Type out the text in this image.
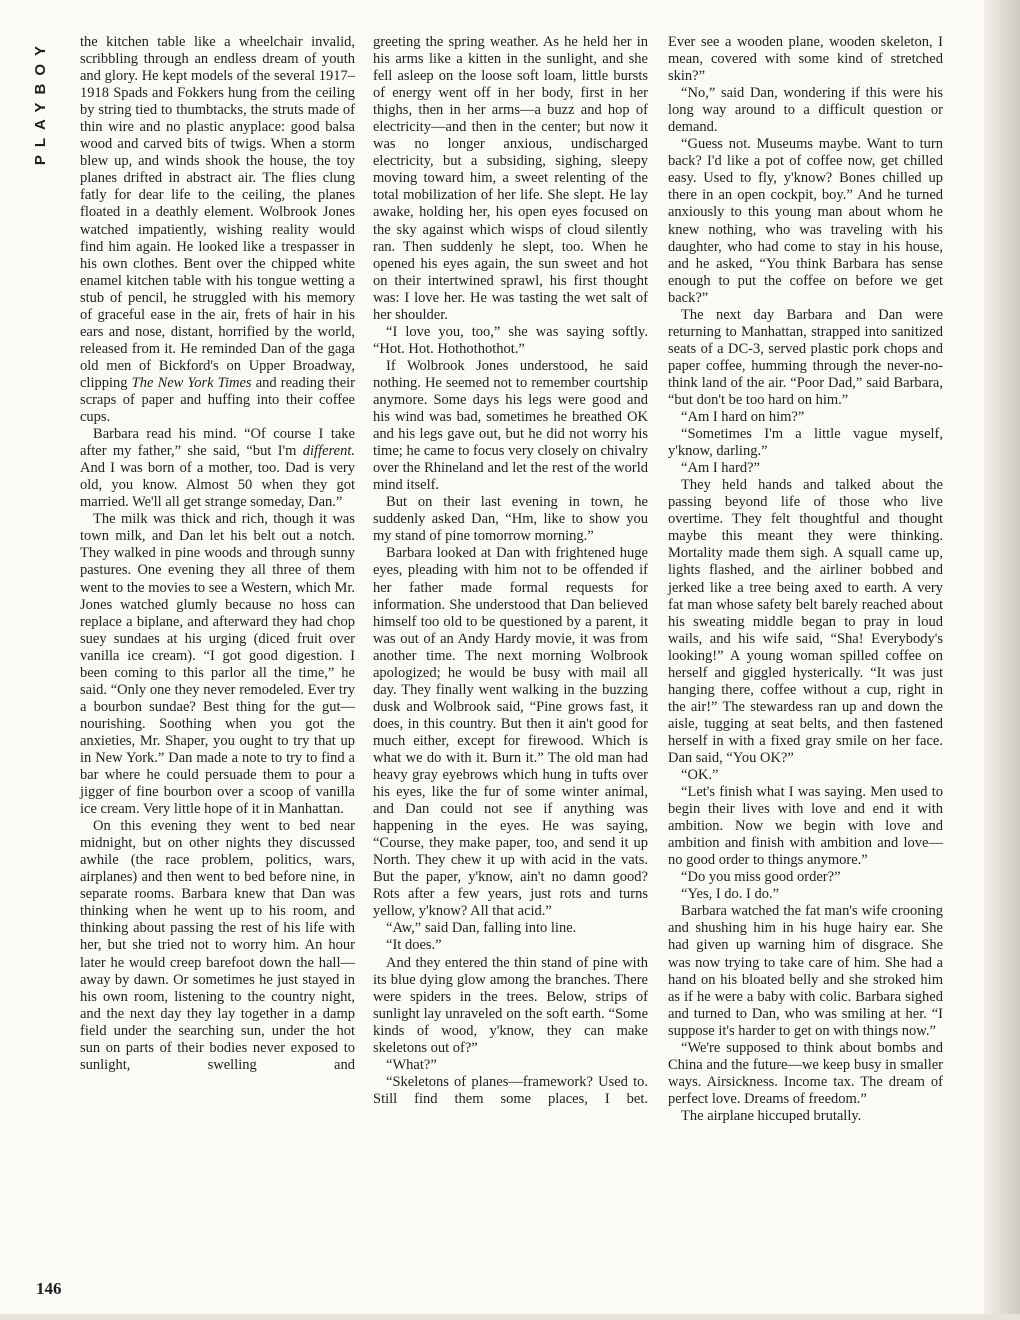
PLAYBOY the kitchen table like a wheelchair invalid, scribbling through an endless dream of youth and glory. He kept models of the several 1917–1918 Spads and Fokkers hung from the ceiling by string tied to thumbtacks, the struts made of thin wire and no plastic anyplace: good balsa wood and carved bits of twigs. When a storm blew up, and winds shook the house, the toy planes drifted in abstract air. The flies clung fatly for dear life to the ceiling, the planes floated in a deathly element. Wolbrook Jones watched impatiently, wishing reality would find him again. He looked like a trespasser in his own clothes. Bent over the chipped white enamel kitchen table with his tongue wetting a stub of pencil, he struggled with his memory of graceful ease in the air, frets of hair in his ears and nose, distant, horrified by the world, released from it. He reminded Dan of the gaga old men of Bickford's on Upper Broadway, clipping The New York Times and reading their scraps of paper and huffing into their coffee cups.

Barbara read his mind. “Of course I take after my father,” she said, “but I'm different. And I was born of a mother, too. Dad is very old, you know. Almost 50 when they got married. We'll all get strange someday, Dan.”

The milk was thick and rich, though it was town milk, and Dan let his belt out a notch. They walked in pine woods and through sunny pastures. One evening they all three of them went to the movies to see a Western, which Mr. Jones watched glumly because no hoss can replace a biplane, and afterward they had chop suey sundaes at his urging (diced fruit over vanilla ice cream). “I got good digestion. I been coming to this parlor all the time,” he said. “Only one they never remodeled. Ever try a bourbon sundae? Best thing for the gut—nourishing. Soothing when you got the anxieties, Mr. Shaper, you ought to try that up in New York.” Dan made a note to try to find a bar where he could persuade them to pour a jigger of fine bourbon over a scoop of vanilla ice cream. Very little hope of it in Manhattan.

On this evening they went to bed near midnight, but on other nights they discussed awhile (the race problem, politics, wars, airplanes) and then went to bed before nine, in separate rooms. Barbara knew that Dan was thinking when he went up to his room, and thinking about passing the rest of his life with her, but she tried not to worry him. An hour later he would creep barefoot down the hall—away by dawn. Or sometimes he just stayed in his own room, listening to the country night, and the next day they lay together in a damp field under the searching sun, under the hot sun on parts of their bodies never exposed to sunlight, swelling and

greeting the spring weather. As he held her in his arms like a kitten in the sunlight, and she fell asleep on the loose soft loam, little bursts of energy went off in her body, first in her thighs, then in her arms—a buzz and hop of electricity—and then in the center; but now it was no longer anxious, undischarged electricity, but a subsiding, sighing, sleepy moving toward him, a sweet relenting of the total mobilization of her life. She slept. He lay awake, holding her, his open eyes focused on the sky against which wisps of cloud silently ran. Then suddenly he slept, too. When he opened his eyes again, the sun sweet and hot on their intertwined sprawl, his first thought was: I love her. He was tasting the wet salt of her shoulder.

“I love you, too,” she was saying softly. “Hot. Hot. Hothothothot.”

If Wolbrook Jones understood, he said nothing. He seemed not to remember courtship anymore. Some days his legs were good and his wind was bad, sometimes he breathed OK and his legs gave out, but he did not worry his time; he came to focus very closely on chivalry over the Rhineland and let the rest of the world mind itself.

But on their last evening in town, he suddenly asked Dan, “Hm, like to show you my stand of pine tomorrow morning.”

Barbara looked at Dan with frightened huge eyes, pleading with him not to be offended if her father made formal requests for information. She understood that Dan believed himself too old to be questioned by a parent, it was out of an Andy Hardy movie, it was from another time. The next morning Wolbrook apologized; he would be busy with mail all day. They finally went walking in the buzzing dusk and Wolbrook said, “Pine grows fast, it does, in this country. But then it ain't good for much either, except for firewood. Which is what we do with it. Burn it.” The old man had heavy gray eyebrows which hung in tufts over his eyes, like the fur of some winter animal, and Dan could not see if anything was happening in the eyes. He was saying, “Course, they make paper, too, and send it up North. They chew it up with acid in the vats. But the paper, y'know, ain't no damn good? Rots after a few years, just rots and turns yellow, y'know? All that acid.”

“Aw,” said Dan, falling into line.

“It does.”

And they entered the thin stand of pine with its blue dying glow among the branches. There were spiders in the trees. Below, strips of sunlight lay unraveled on the soft earth. “Some kinds of wood, y'know, they can make skeletons out of?”

“What?”

“Skeletons of planes—framework? Used to. Still find them some places, I bet.

Ever see a wooden plane, wooden skeleton, I mean, covered with some kind of stretched skin?”

“No,” said Dan, wondering if this were his long way around to a difficult question or demand.

“Guess not. Museums maybe. Want to turn back? I'd like a pot of coffee now, get chilled easy. Used to fly, y'know? Bones chilled up there in an open cockpit, boy.” And he turned anxiously to this young man about whom he knew nothing, who was traveling with his daughter, who had come to stay in his house, and he asked, “You think Barbara has sense enough to put the coffee on before we get back?”

The next day Barbara and Dan were returning to Manhattan, strapped into sanitized seats of a DC-3, served plastic pork chops and paper coffee, humming through the never-no-think land of the air. “Poor Dad,” said Barbara, “but don't be too hard on him.”

“Am I hard on him?”

“Sometimes I'm a little vague myself, y'know, darling.”

“Am I hard?”

They held hands and talked about the passing beyond life of those who live overtime. They felt thoughtful and thought maybe this meant they were thinking. Mortality made them sigh. A squall came up, lights flashed, and the airliner bobbed and jerked like a tree being axed to earth. A very fat man whose safety belt barely reached about his sweating middle began to pray in loud wails, and his wife said, “Sha! Everybody's looking!” A young woman spilled coffee on herself and giggled hysterically. “It was just hanging there, coffee without a cup, right in the air!” The stewardess ran up and down the aisle, tugging at seat belts, and then fastened herself in with a fixed gray smile on her face. Dan said, “You OK?”

“OK.”

“Let's finish what I was saying. Men used to begin their lives with love and end it with ambition. Now we begin with love and ambition and finish with ambition and love—no good order to things anymore.”

“Do you miss good order?”

“Yes, I do. I do.”

Barbara watched the fat man's wife crooning and shushing him in his huge hairy ear. She had given up warning him of disgrace. She was now trying to take care of him. She had a hand on his bloated belly and she stroked him as if he were a baby with colic. Barbara sighed and turned to Dan, who was smiling at her. “I suppose it's harder to get on with things now.”

“We're supposed to think about bombs and China and the future—we keep busy in smaller ways. Airsickness. Income tax. The dream of perfect love. Dreams of freedom.”

The airplane hiccuped brutally.

146
